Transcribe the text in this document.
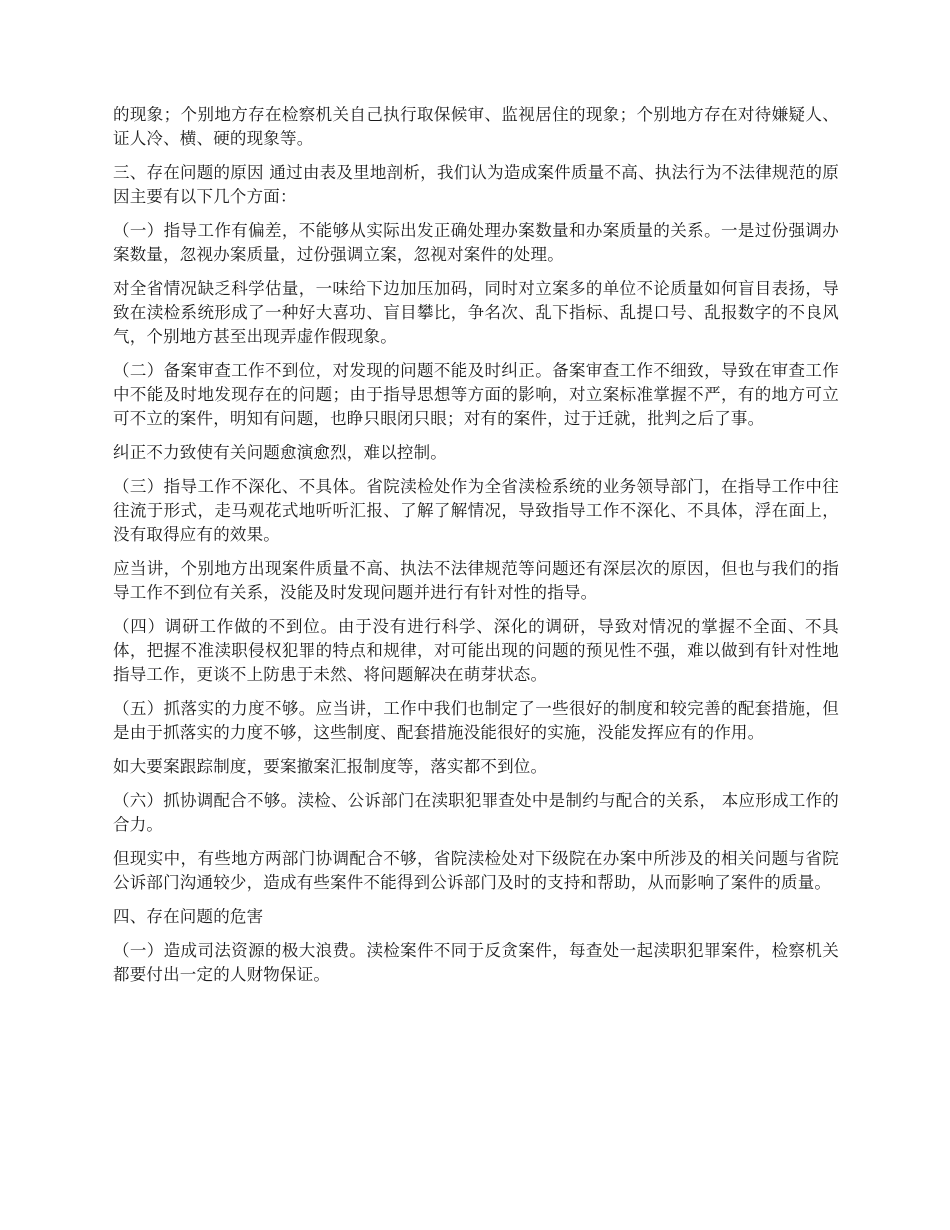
的现象；个别地方存在检察机关自己执行取保候审、监视居住的现象；个别地方存在对待嫌疑人、证人冷、横、硬的现象等。

三、存在问题的原因 通过由表及里地剖析，我们认为造成案件质量不高、执法行为不法律规范的原因主要有以下几个方面：

（一）指导工作有偏差，不能够从实际出发正确处理办案数量和办案质量的关系。一是过份强调办案数量，忽视办案质量，过份强调立案，忽视对案件的处理。

对全省情况缺乏科学估量，一味给下边加压加码，同时对立案多的单位不论质量如何盲目表扬，导致在渎检系统形成了一种好大喜功、盲目攀比，争名次、乱下指标、乱提口号、乱报数字的不良风气，个别地方甚至出现弄虚作假现象。

（二）备案审查工作不到位，对发现的问题不能及时纠正。备案审查工作不细致，导致在审查工作中不能及时地发现存在的问题；由于指导思想等方面的影响，对立案标准掌握不严，有的地方可立可不立的案件，明知有问题，也睁只眼闭只眼；对有的案件，过于迁就，批判之后了事。

纠正不力致使有关问题愈演愈烈，难以控制。

（三）指导工作不深化、不具体。省院渎检处作为全省渎检系统的业务领导部门，在指导工作中往往流于形式，走马观花式地听听汇报、了解了解情况，导致指导工作不深化、不具体，浮在面上，没有取得应有的效果。

应当讲，个别地方出现案件质量不高、执法不法律规范等问题还有深层次的原因，但也与我们的指导工作不到位有关系，没能及时发现问题并进行有针对性的指导。

（四）调研工作做的不到位。由于没有进行科学、深化的调研，导致对情况的掌握不全面、不具体，把握不准渎职侵权犯罪的特点和规律，对可能出现的问题的预见性不强，难以做到有针对性地指导工作，更谈不上防患于未然、将问题解决在萌芽状态。

（五）抓落实的力度不够。应当讲，工作中我们也制定了一些很好的制度和较完善的配套措施，但是由于抓落实的力度不够，这些制度、配套措施没能很好的实施，没能发挥应有的作用。

如大要案跟踪制度，要案撤案汇报制度等，落实都不到位。

（六）抓协调配合不够。渎检、公诉部门在渎职犯罪查处中是制约与配合的关系， 本应形成工作的合力。

但现实中，有些地方两部门协调配合不够，省院渎检处对下级院在办案中所涉及的相关问题与省院公诉部门沟通较少，造成有些案件不能得到公诉部门及时的支持和帮助，从而影响了案件的质量。

四、存在问题的危害

（一）造成司法资源的极大浪费。渎检案件不同于反贪案件，每查处一起渎职犯罪案件，检察机关都要付出一定的人财物保证。
